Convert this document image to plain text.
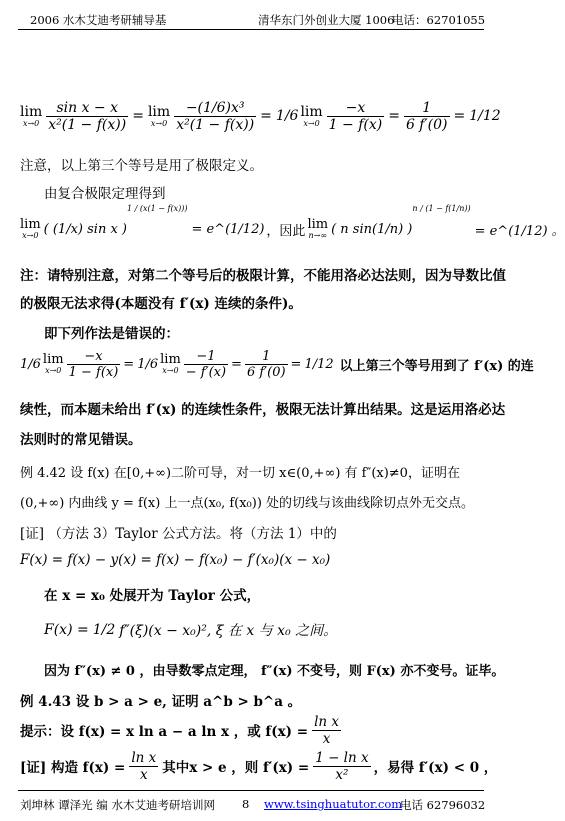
2006 水木艾迪考研辅导基	清华东门外创业大厦 1006
电话：62701055
lim
$x\to 0 \frac{\text{sin x − x}}{\text{x²(1 − f(x))}} = \lim$
$x\to 0 \frac{\text{−(1/6)x³}}{\text{x²(1 − f(x))}} = 1/6$ lim
$x\to 0 \frac{-x}{1 - f(x)} = \frac{1}{6 f'(0)} = 1/12$
注意，以上第三个等号是用了极限定义。
由复合极限定理得到
lim
x→0 ( (1/x) sin x )
1 / (x(1 − f(x)))
= e^(1/12) ，因此 lim
n→∞ ( n sin(1/n) )
n / (1 − f(1/n))
= e^(1/12) 。
注：请特别注意，对第二个等号后的极限计算，不能用洛必达法则，因为导数比值
的极限无法求得(本题没有 f′(x) 连续的条件)。
即下列作法是错误的：
1/6 lim
$x\to 0 \frac{-x}{1 - f(x)} = 1/6$ lim
$x\to 0 \frac{-1}{- f'(x)} = \frac{1}{6 f'(0)} = 1/12$ 以上第三个等号用到了 f′(x) 的连
续性，而本题未给出 f′(x) 的连续性条件，极限无法计算出结果。这是运用洛必达
法则时的常见错误。
例 4.42 设 f(x) 在[0,+∞)二阶可导，对一切 x∈(0,+∞) 有 f″(x)≠0，证明在
(0,+∞) 内曲线 y = f(x) 上一点(x₀, f(x₀)) 处的切线与该曲线除切点外无交点。
[证] （方法 3）Taylor 公式方法。将（方法 1）中的
F(x) = f(x) − y(x) = f(x) − f(x₀) − f′(x₀)(x − x₀)
在 x = x₀ 处展开为 Taylor 公式，
F(x) = 1/2 f″(ξ)(x − x₀)², ξ 在 x 与 x₀ 之间。
因为 f″(x) ≠ 0 ，由导数零点定理， f″(x) 不变号，则 F(x) 亦不变号。证毕。
例 4.43 设 b > a > e, 证明 a^b > b^a 。
提示：设 f(x) = x ln a − a ln x ，或 $f(x) = \frac{\text{ln x}}{x}$
[证] 构造 $f(x) = \frac{\text{ln x}}{x}$ 其中x > e ，则 $f'(x) = \frac{\text{1 − ln x}}{\text{x²}}$ ，易得 f′(x) < 0 ，
刘坤林 谭泽光 编 水木艾迪考研培训网 8 www.tsinghuatutor.com
电话 62796032
